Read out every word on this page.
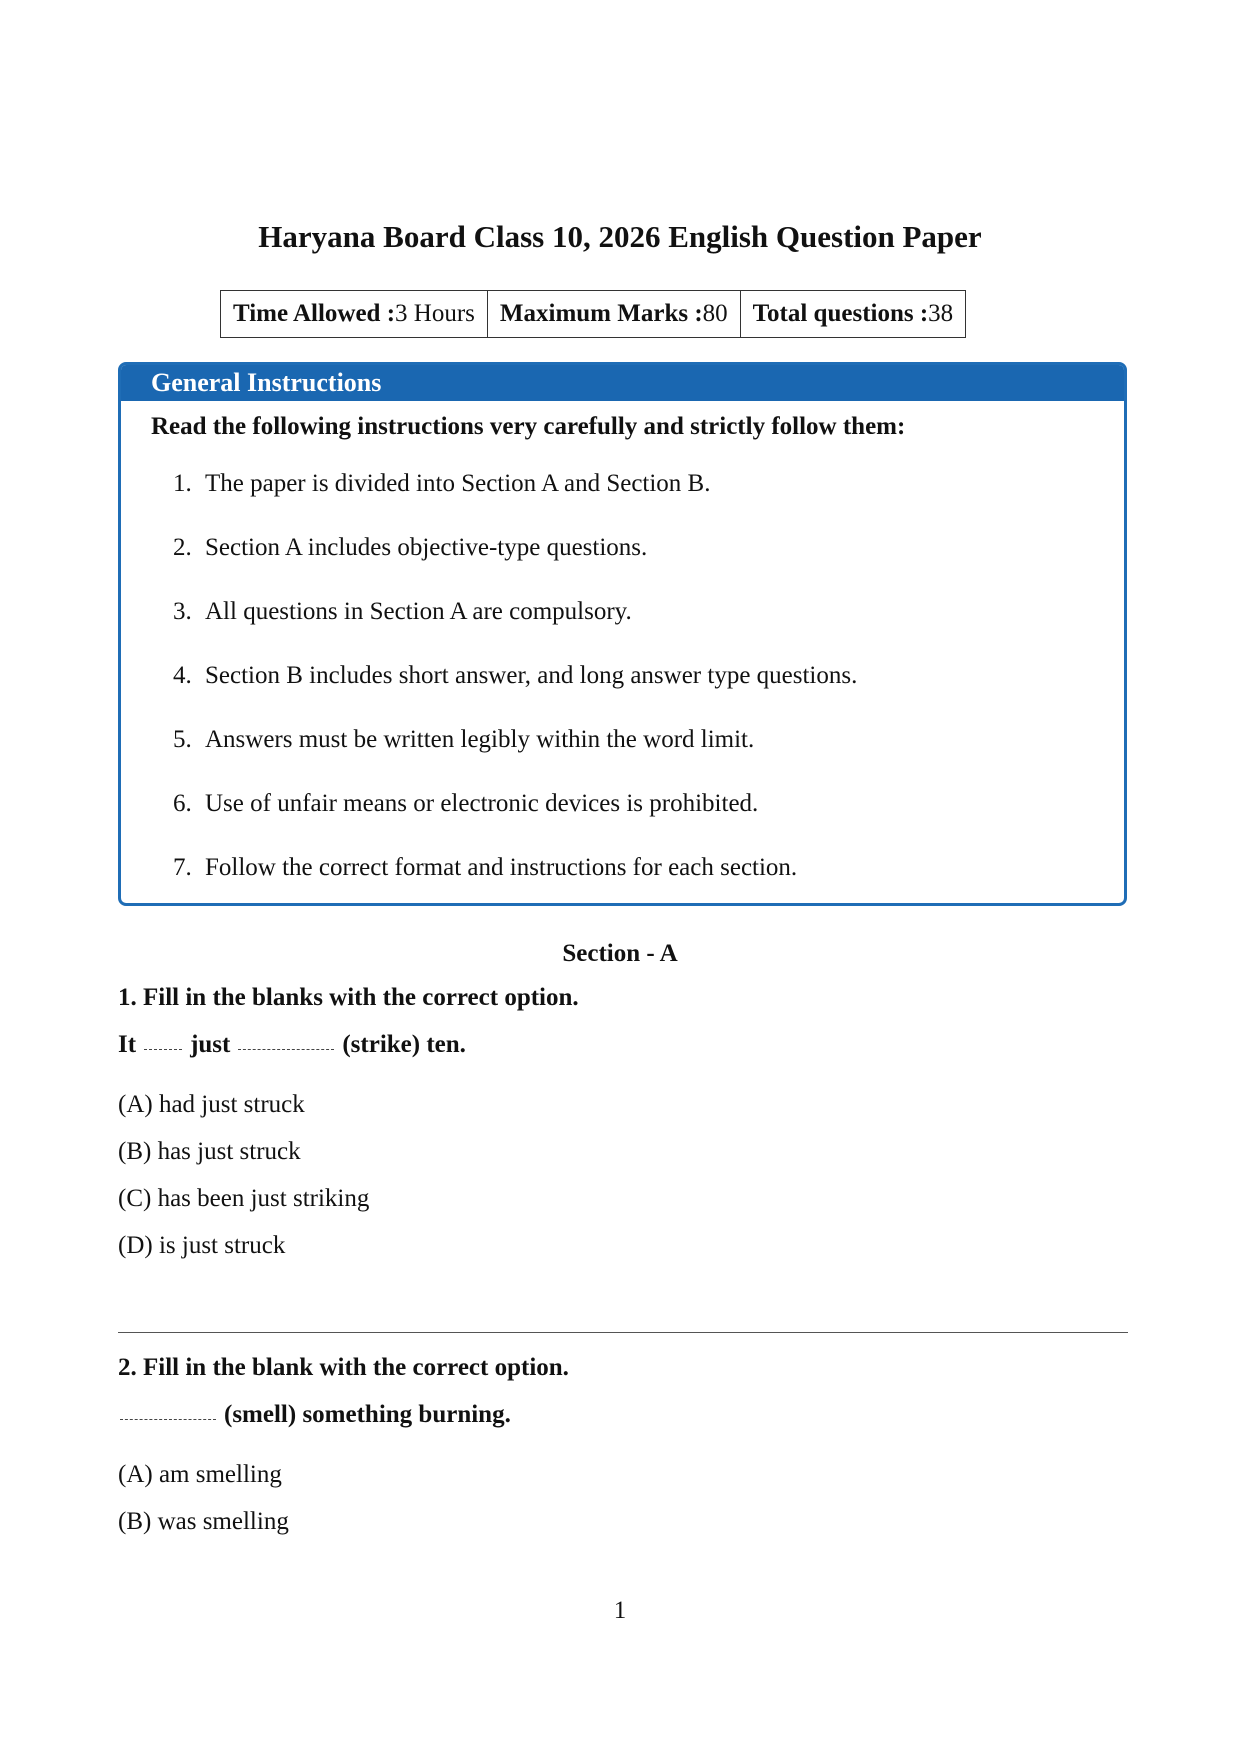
Haryana Board Class 10, 2026 English Question Paper
Time Allowed : 3 Hours Maximum Marks : 80 Total questions : 38
General Instructions
Read the following instructions very carefully and strictly follow them:
1. The paper is divided into Section A and Section B.
2. Section A includes objective-type questions.
3. All questions in Section A are compulsory.
4. Section B includes short answer, and long answer type questions.
5. Answers must be written legibly within the word limit.
6. Use of unfair means or electronic devices is prohibited.
7. Follow the correct format and instructions for each section.
Section - A

1. Fill in the blanks with the correct option.

It just	(strike) ten.
(A) had just struck
(B) has just struck
(C) has been just striking
(D) is just struck

2. Fill in the blank with the correct option.

(smell) something burning.
(A) am smelling
(B) was smelling
1
